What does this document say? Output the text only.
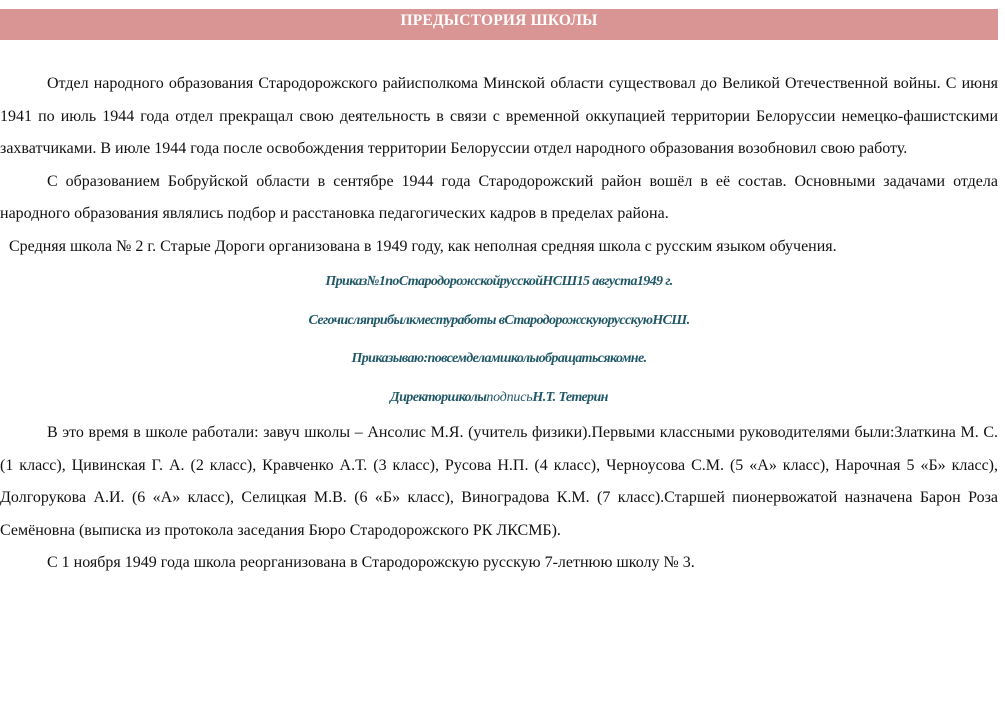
ПРЕДЫСТОРИЯ ШКОЛЫ

Отдел народного образования Стародорожского райисполкома Минской области существовал до Великой Отечественной войны. С июня 1941 по июль 1944 года отдел прекращал свою деятельность в связи с временной оккупацией территории Белоруссии немецко-фашистскими захватчиками. В июле 1944 года после освобождения территории Белоруссии отдел народного образования возобновил свою работу.

С образованием Бобруйской области в сентябре 1944 года Стародорожский район вошёл в её состав. Основными задачами отдела народного образования являлись подбор и расстановка педагогических кадров в пределах района.

Средняя школа № 2 г. Старые Дороги организована в 1949 году, как неполная средняя школа с русским языком обучения.

Приказ№1поСтародорожскойрусскойНСШ15 августа1949 г.

Сегочисляприбылкместуработы вСтародорожскуюрусскуюНСШ.

Приказываю:повсемделамшколыобращатьсякомне.

ДиректоршколыподписьН.Т. Тетерин

В это время в школе работали: завуч школы – Ансолис М.Я. (учитель физики).Первыми классными руководителями были:Златкина М. С.(1 класс), Цивинская Г. А. (2 класс), Кравченко А.Т. (3 класс), Русова Н.П. (4 класс), Черноусова С.М. (5 «А» класс), Нарочная 5 «Б» класс), Долгорукова А.И. (6 «А» класс), Селицкая М.В. (6 «Б» класс), Виноградова К.М. (7 класс).Старшей пионервожатой назначена Барон Роза Семёновна (выписка из протокола заседания Бюро Стародорожского РК ЛКСМБ).

С 1 ноября 1949 года школа реорганизована в Стародорожскую русскую 7-летнюю школу № 3.
